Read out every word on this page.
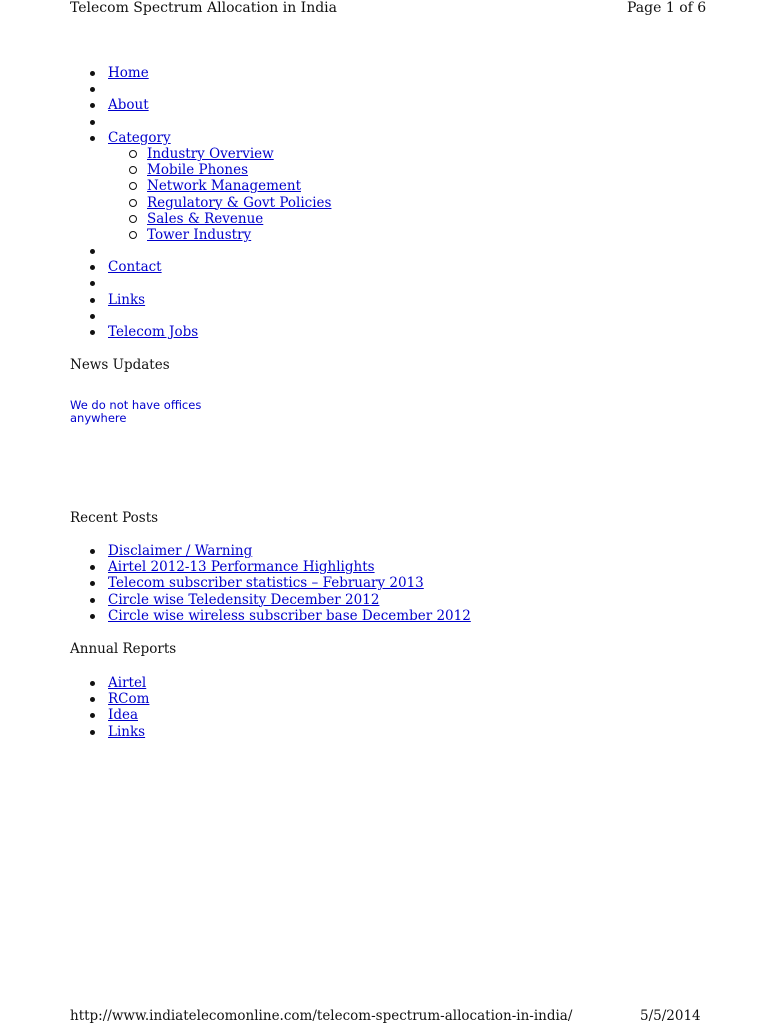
Telecom Spectrum Allocation in India	Page 1 of 6
Home
About
Category
Industry Overview
Mobile Phones
Network Management
Regulatory & Govt Policies
Sales & Revenue
Tower Industry
Contact
Links
Telecom Jobs
News Updates
We do not have offices anywhere
Recent Posts
Disclaimer / Warning
Airtel 2012-13 Performance Highlights
Telecom subscriber statistics – February 2013
Circle wise Teledensity December 2012
Circle wise wireless subscriber base December 2012
Annual Reports
Airtel
RCom
Idea
Links
http://www.indiatelecomonline.com/telecom-spectrum-allocation-in-india/	5/5/2014
